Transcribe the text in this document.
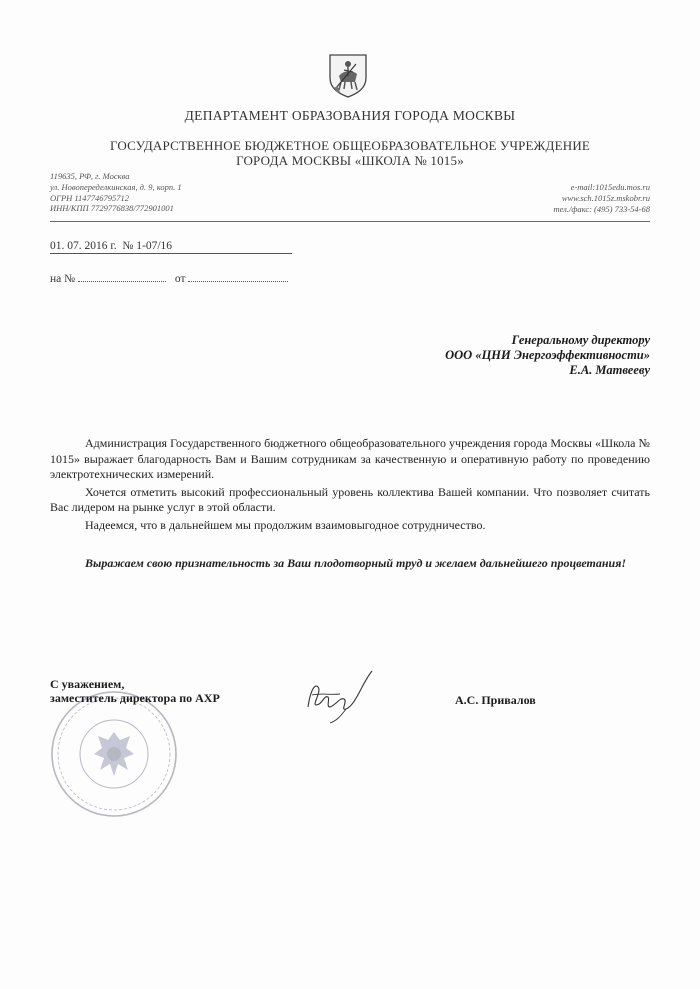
ДЕПАРТАМЕНТ ОБРАЗОВАНИЯ ГОРОДА МОСКВЫ
ГОСУДАРСТВЕННОЕ БЮДЖЕТНОЕ ОБЩЕОБРАЗОВАТЕЛЬНОЕ УЧРЕЖДЕНИЕ
ГОРОДА МОСКВЫ «ШКОЛА № 1015»
119635, РФ, г. Москва
ул. Новопеределкинская, д. 9, корп. 1
ОГРН 1147746795712
ИНН/КПП 7729776838/772901001
e-mail:1015edu.mos.ru
www.sch.1015z.mskobr.ru
тел./факс: (495) 733-54-68
01. 07. 2016 г. № 1-07/16
на №	от
Генеральному директору
ООО «ЦНИ Энергоэффективности»
Е.А. Матвееву

Администрация Государственного бюджетного общеобразовательного учреждения города Москвы «Школа № 1015» выражает благодарность Вам и Вашим сотрудникам за качественную и оперативную работу по проведению электротехнических измерений.

Хочется отметить высокий профессиональный уровень коллектива Вашей компании. Что позволяет считать Вас лидером на рынке услуг в этой области.

Надеемся, что в дальнейшем мы продолжим взаимовыгодное сотрудничество.

Выражаем свою признательность за Ваш плодотворный труд и желаем дальнейшего процветания!
С уважением,
заместитель директора по АХР	А.С. Привалов
